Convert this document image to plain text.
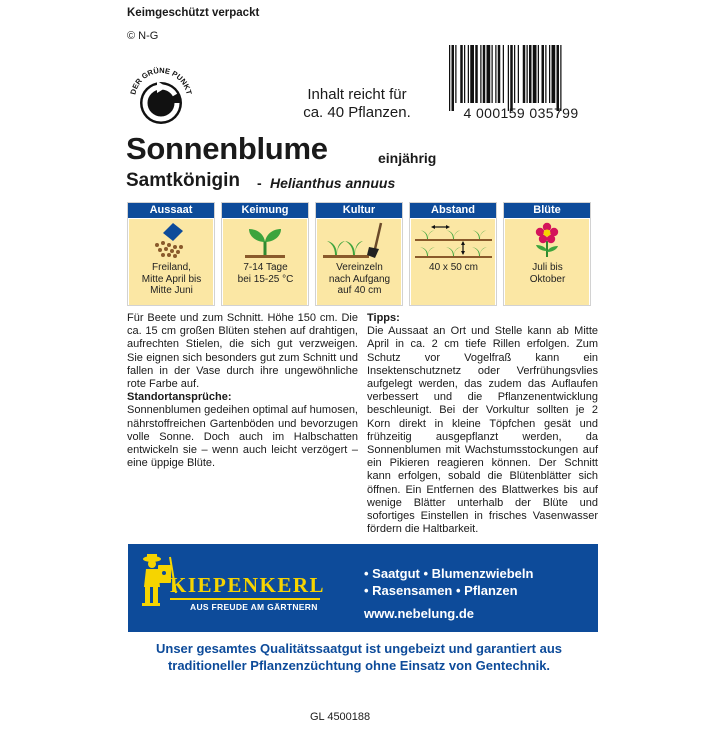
Keimgeschützt verpackt
© N-G
DER GRÜNE PUNKT	Inhalt reicht für
ca. 40 Pflanzen.	4 000159 035799
Sonnenblume	einjährig
Samtkönigin - Helianthus annuus
Aussaat
Freiland,
Mitte April bis
Mitte Juni
Keimung
7-14 Tage
bei 15-25 °C
Kultur
Vereinzeln
nach Aufgang
auf 40 cm
Abstand
40 x 50 cm
Blüte
Juli bis
Oktober

Für Beete und zum Schnitt. Höhe 150 cm. Die ca. 15 cm großen Blüten stehen auf drahtigen, aufrechten Stielen, die sich gut verzweigen. Sie eignen sich besonders gut zum Schnitt und fallen in der Vase durch ihre ungewöhnliche rote Farbe auf.

Standortansprüche:

Sonnenblumen gedeihen optimal auf humosen, nährstoffreichen Gartenböden und bevorzugen volle Sonne. Doch auch im Halbschatten entwickeln sie – wenn auch leicht verzögert – eine üppige Blüte.

Tipps:

Die Aussaat an Ort und Stelle kann ab Mitte April in ca. 2 cm tiefe Rillen erfolgen. Zum Schutz vor Vogelfraß kann ein Insektenschutznetz oder Verfrühungsvlies aufgelegt werden, das zudem das Auflaufen verbessert und die Pflanzenentwicklung beschleunigt. Bei der Vorkultur sollten je 2 Korn direkt in kleine Töpfchen gesät und frühzeitig ausgepflanzt werden, da Sonnenblumen mit Wachstumsstockungen auf ein Pikieren reagieren können. Der Schnitt kann erfolgen, sobald die Blütenblätter sich öffnen. Ein Entfernen des Blattwerkes bis auf wenige Blätter unterhalb der Blüte und sofortiges Einstellen in frisches Vasenwasser fördern die Haltbarkeit.

KIEPENKERL
AUS FREUDE AM GÄRTNERN
• Saatgut • Blumenzwiebeln
• Rasensamen • Pflanzen
www.nebelung.de
Unser gesamtes Qualitätssaatgut ist ungebeizt und garantiert aus traditioneller Pflanzenzüchtung ohne Einsatz von Gentechnik.
GL 4500188
